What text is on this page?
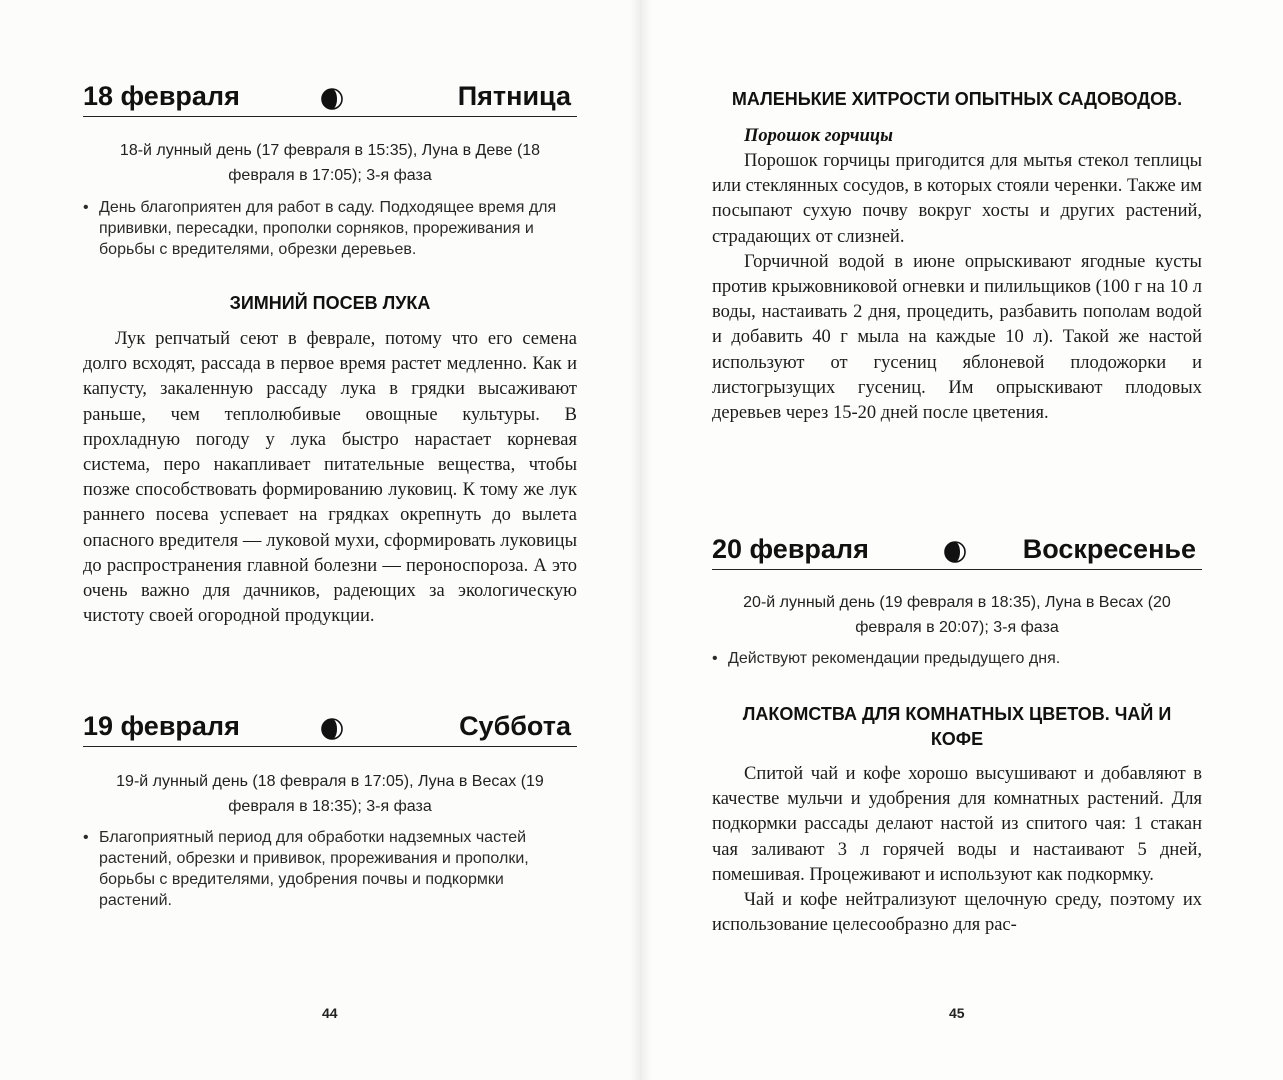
18 февраля	Пятница
18-й лунный день (17 февраля в 15:35), Луна в Деве (18
февраля в 17:05); 3-я фаза
• День благоприятен для работ в саду. Подходящее время для прививки, пересадки, прополки сорняков, прореживания и борьбы с вредителями, обрезки деревьев.
ЗИМНИЙ ПОСЕВ ЛУКА

Лук репчатый сеют в феврале, потому что его семена долго всходят, рассада в первое время растет медленно. Как и капусту, закаленную рассаду лука в грядки высаживают раньше, чем теплолюбивые овощные культуры. В прохладную погоду у лука быстро нарастает корневая система, перо накапливает питательные вещества, чтобы позже способствовать формированию луковиц. К тому же лук раннего посева успевает на грядках окрепнуть до вылета опасного вредителя — луковой мухи, сформировать луковицы до распространения главной болезни — пероноспороза. А это очень важно для дачников, радеющих за экологическую чистоту своей огородной продукции.

19 февраля	Суббота
19-й лунный день (18 февраля в 17:05), Луна в Весах (19
февраля в 18:35); 3-я фаза
• Благоприятный период для обработки надземных частей растений, обрезки и прививок, прореживания и прополки, борьбы с вредителями, удобрения почвы и подкормки растений.
44
МАЛЕНЬКИЕ ХИТРОСТИ ОПЫТНЫХ САДОВОДОВ.
Порошок горчицы

Порошок горчицы пригодится для мытья стекол теплицы или стеклянных сосудов, в которых стояли черенки. Также им посыпают сухую почву вокруг хосты и других растений, страдающих от слизней.

Горчичной водой в июне опрыскивают ягодные кусты против крыжовниковой огневки и пилильщиков (100 г на 10 л воды, настаивать 2 дня, процедить, разбавить пополам водой и добавить 40 г мыла на каждые 10 л). Такой же настой используют от гусениц яблоневой плодожорки и листогрызущих гусениц. Им опрыскивают плодовых деревьев через 15-20 дней после цветения.

20 февраля	Воскресенье
20-й лунный день (19 февраля в 18:35), Луна в Весах (20
февраля в 20:07); 3-я фаза
• Действуют рекомендации предыдущего дня.
ЛАКОМСТВА ДЛЯ КОМНАТНЫХ ЦВЕТОВ. ЧАЙ И
КОФЕ

Спитой чай и кофе хорошо высушивают и добавляют в качестве мульчи и удобрения для комнатных растений. Для подкормки рассады делают настой из спитого чая: 1 стакан чая заливают 3 л горячей воды и настаивают 5 дней, помешивая. Процеживают и используют как подкормку.

Чай и кофе нейтрализуют щелочную среду, поэтому их использование целесообразно для рас-

45
